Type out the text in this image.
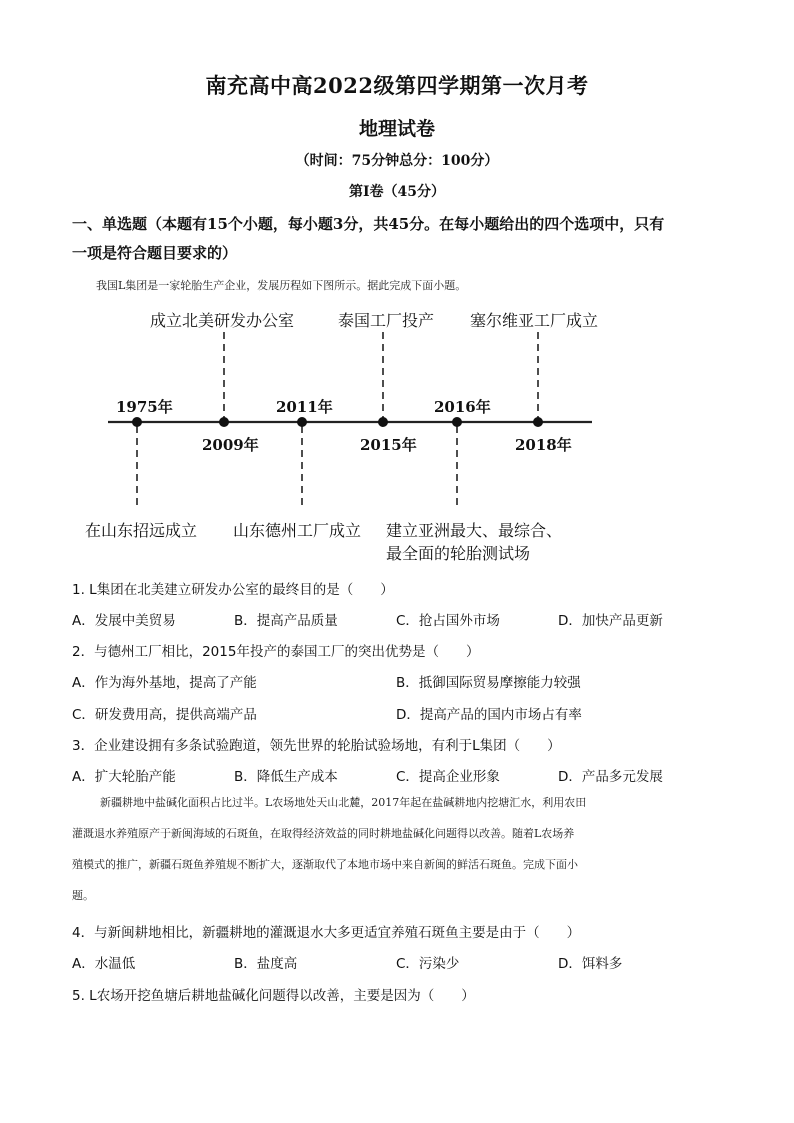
南充高中高2022级第四学期第一次月考
地理试卷
（时间：75分钟总分：100分）
第Ⅰ卷（45分）
一、单选题（本题有15个小题，每小题3分，共45分。在每小题给出的四个选项中，只有
一项是符合题目要求的）
我国L集团是一家轮胎生产企业，发展历程如下图所示。据此完成下面小题。
1975年
2009年
2011年
2015年
2016年
2018年
成立北美研发办公室	泰国工厂投产 塞尔维亚工厂成立
在山东招远成立 山东德州工厂成立 建立亚洲最大、最综合、
最全面的轮胎测试场
1. L集团在北美建立研发办公室的最终目的是（　　）
A．发展中美贸易	B．提高产品质量	C．抢占国外市场	D．加快产品更新
2．与德州工厂相比，2015年投产的泰国工厂的突出优势是（　　）
A．作为海外基地，提高了产能	B．抵御国际贸易摩擦能力较强
C．研发费用高，提供高端产品	D．提高产品的国内市场占有率
3．企业建设拥有多条试验跑道，领先世界的轮胎试验场地，有利于L集团（　　）
A．扩大轮胎产能	B．降低生产成本	C．提高企业形象	D．产品多元发展
新疆耕地中盐碱化面积占比过半。L农场地处天山北麓，2017年起在盐碱耕地内挖塘汇水，利用农田
灌溉退水养殖原产于新闽海域的石斑鱼，在取得经济效益的同时耕地盐碱化问题得以改善。随着L农场养
殖模式的推广，新疆石斑鱼养殖规不断扩大，逐渐取代了本地市场中来自新闽的鲜活石斑鱼。完成下面小
题。
4．与新闽耕地相比，新疆耕地的灌溉退水大多更适宜养殖石斑鱼主要是由于（　　）
A．水温低	B．盐度高	C．污染少	D．饵料多
5. L农场开挖鱼塘后耕地盐碱化问题得以改善，主要是因为（　　）
